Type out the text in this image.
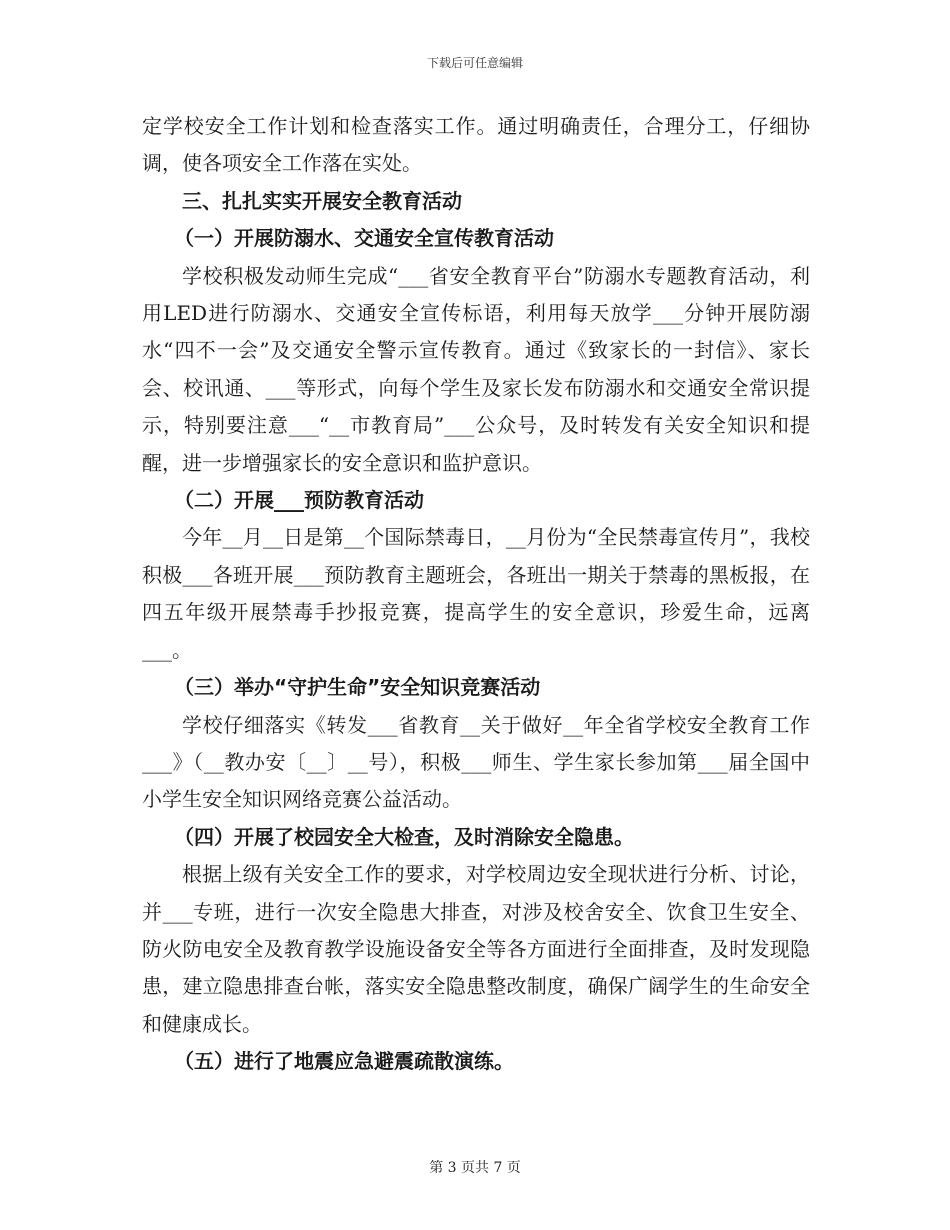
下载后可任意编辑

定学校安全工作计划和检查落实工作。通过明确责任，合理分工，仔细协调，使各项安全工作落在实处。

三、扎扎实实开展安全教育活动
（一）开展防溺水、交通安全宣传教育活动

学校积极发动师生完成“___省安全教育平台”防溺水专题教育活动，利用LED进行防溺水、交通安全宣传标语，利用每天放学___分钟开展防溺水“四不一会”及交通安全警示宣传教育。通过《致家长的一封信》、家长会、校讯通、___等形式，向每个学生及家长发布防溺水和交通安全常识提示，特别要注意___“__市教育局”___公众号，及时转发有关安全知识和提醒，进一步增强家长的安全意识和监护意识。

（二）开展___预防教育活动

今年__月__日是第__个国际禁毒日，__月份为“全民禁毒宣传月”，我校积极___各班开展___预防教育主题班会，各班出一期关于禁毒的黑板报，在四五年级开展禁毒手抄报竞赛，提高学生的安全意识，珍爱生命，远离___。

（三）举办“守护生命”安全知识竞赛活动

学校仔细落实《转发___省教育__关于做好__年全省学校安全教育工作___》（__教办安〔__〕__号），积极___师生、学生家长参加第___届全国中小学生安全知识网络竞赛公益活动。

（四）开展了校园安全大检查，及时消除安全隐患。

根据上级有关安全工作的要求，对学校周边安全现状进行分析、讨论，并___专班，进行一次安全隐患大排查，对涉及校舍安全、饮食卫生安全、防火防电安全及教育教学设施设备安全等各方面进行全面排查，及时发现隐患，建立隐患排查台帐，落实安全隐患整改制度，确保广阔学生的生命安全和健康成长。

（五）进行了地震应急避震疏散演练。
第 3 页共 7 页
